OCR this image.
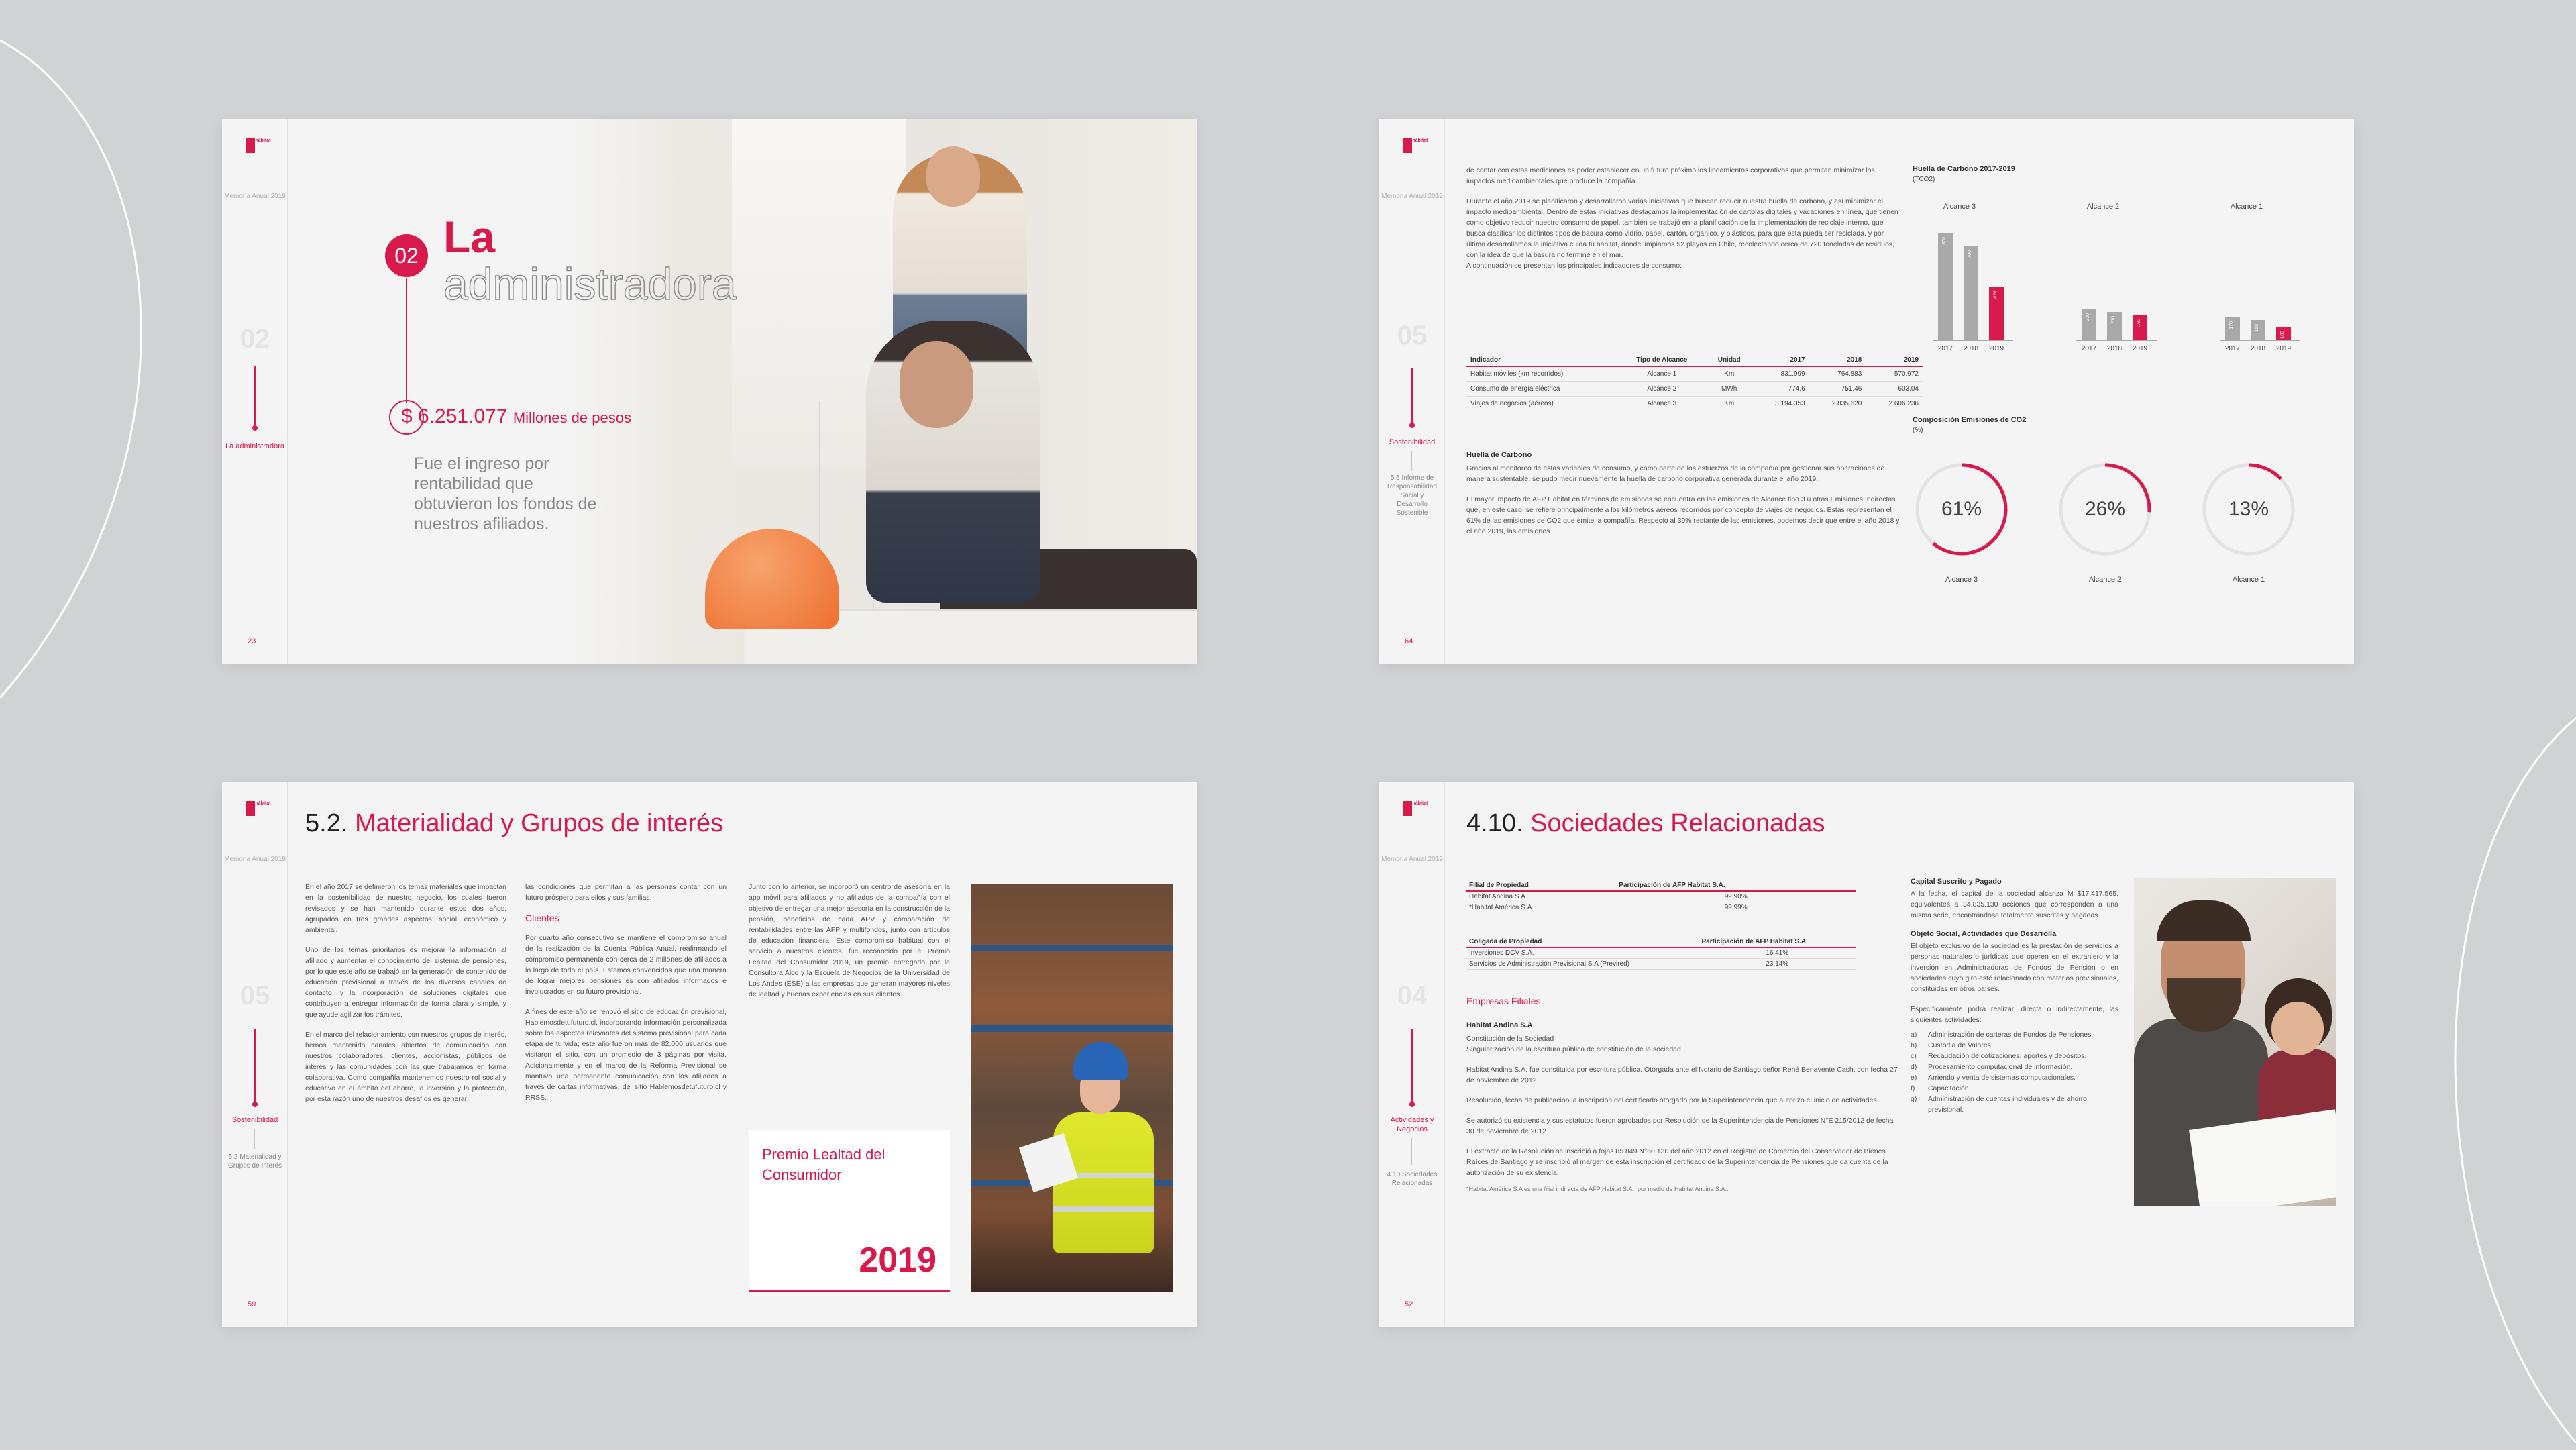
hábitat
Memoria Anual 2019
02
La administradora
23
02 La
administradora
$ 6.251.077 Millones de pesos
Fue el ingreso por rentabilidad que obtuvieron los fondos de nuestros afiliados.
hábitat
Memoria Anual 2019
05
Sostenibilidad
5.5 Informe de Responsabilidad Social y Desarrollo Sostenible
64

de contar con estas mediciones es poder establecer en un futuro próximo los lineamientos corporativos que permitan minimizar los impactos medioambientales que produce la compañía.

Durante el año 2019 se planificaron y desarrollaron varias iniciativas que buscan reducir nuestra huella de carbono, y así minimizar el impacto medioambiental. Dentro de estas iniciativas destacamos la implementación de cartolas digitales y vacaciones en línea, que tienen como objetivo reducir nuestro consumo de papel, también se trabajó en la planificación de la implementación de reciclaje interno, que busca clasificar los distintos tipos de basura como vidrio, papel, cartón, orgánico, y plásticos, para que ésta pueda ser reciclada, y por último desarrollamos la iniciativa cuida tu hábitat, donde limpiamos 52 playas en Chile, recolectando cerca de 720 toneladas de residuos, con la idea de que la basura no termine en el mar.

A continuación se presentan los principales indicadores de consumo:

Indicador	Tipo de Alcance	Unidad	2017	2018	2019
Habitat móviles (km recorridos)	Alcance 1	Km	831.999	764.883	570.972
Consumo de energía eléctrica	Alcance 2	MWh	774,6	751,46	603,04
Viajes de negocios (aéreos)	Alcance 3	Km	3.194.353	2.835.620	2.606.236
Huella de Carbono

Gracias al monitoreo de estas variables de consumo, y como parte de los esfuerzos de la compañía por gestionar sus operaciones de manera sustentable, se pudo medir nuevamente la huella de carbono corporativa generada durante el año 2019.

El mayor impacto de AFP Habitat en términos de emisiones se encuentra en las emisiones de Alcance tipo 3 u otras Emisiones Indirectas que, en este caso, se refiere principalmente a los kilómetros aéreos recorridos por concepto de viajes de negocios. Estas representan el 61% de las emisiones de CO2 que emite la compañía. Respecto al 39% restante de las emisiones, podemos decir que entre el año 2018 y el año 2019, las emisiones

Huella de Carbono 2017-2019
(TCO2)
Alcance 3
2017	2018	2019
800
700
424
Alcance 2
2017	2018	2019
230	210	190
Alcance 1
2017	2018	2019
170	150
100
Composición Emisiones de CO2
(%)
61%
Alcance 3
26%
Alcance 2
13%
Alcance 1
hábitat
Memoria Anual 2019
05
Sostenibilidad
5.2 Materialidad y Grupos de Interés
59
5.2. Materialidad y Grupos de interés

En el año 2017 se definieron los temas materiales que impactan en la sostenibilidad de nuestro negocio, los cuales fueron revisados y se han mantenido durante estos dos años, agrupados en tres grandes aspectos: social, económico y ambiental.

Uno de los temas prioritarios es mejorar la información al afiliado y aumentar el conocimiento del sistema de pensiones, por lo que este año se trabajó en la generación de contenido de educación previsional a través de los diversos canales de contacto, y la incorporación de soluciones digitales que contribuyen a entregar información de forma clara y simple, y que ayude agilizar los trámites.

En el marco del relacionamiento con nuestros grupos de interés, hemos mantenido canales abiertos de comunicación con nuestros colaboradores, clientes, accionistas, públicos de interés y las comunidades con las que trabajamos en forma colaborativa. Como compañía mantenemos nuestro rol social y educativo en el ámbito del ahorro, la inversión y la protección, por esta razón uno de nuestros desafíos es generar

las condiciones que permitan a las personas contar con un futuro próspero para ellos y sus familias.

Clientes

Por cuarto año consecutivo se mantiene el compromiso anual de la realización de la Cuenta Pública Anual, reafirmando el compromiso permanente con cerca de 2 millones de afiliados a lo largo de todo el país. Estamos convencidos que una manera de lograr mejores pensiones es con afiliados informados e involucrados en su futuro previsional.

A fines de este año se renovó el sitio de educación previsional, Hablemosdetufuturo.cl, incorporando información personalizada sobre los aspectos relevantes del sistema previsional para cada etapa de tu vida; este año fueron más de 82.000 usuarios que visitaron el sitio, con un promedio de 3 páginas por visita. Adicionalmente y en el marco de la Reforma Previsional se mantuvo una permanente comunicación con los afiliados a través de cartas informativas, del sitio Hablemosdetufuturo.cl y RRSS.

Junto con lo anterior, se incorporó un centro de asesoría en la app móvil para afiliados y no afiliados de la compañía con el objetivo de entregar una mejor asesoría en la construcción de la pensión, beneficios de cada APV y comparación de rentabilidades entre las AFP y multifondos, junto con artículos de educación financiera. Este compromiso habitual con el servicio a nuestros clientes, fue reconocido por el Premio Lealtad del Consumidor 2019, un premio entregado por la Consultora Alco y la Escuela de Negocios de la Universidad de Los Andes (ESE) a las empresas que generan mayores niveles de lealtad y buenas experiencias en sus clientes.

Premio Lealtad del Consumidor
2019
hábitat
Memoria Anual 2019
04
Actividades y Negocios
4.10 Sociedades Relacionadas
52
4.10. Sociedades Relacionadas
Filial de Propiedad	Participación de AFP Habitat S.A.
Habitat Andina S.A.	99,90%
*Habitat América S.A.	99,99%
Coligada de Propiedad	Participación de AFP Habitat S.A.
Inversiones DCV S.A.	16,41%
Servicios de Administración Previsional S.A (Previred)	23,14%
Empresas Filiales
Habitat Andina S.A
Constitución de la Sociedad

Singularización de la escritura pública de constitución de la sociedad.

Habitat Andina S.A. fue constituida por escritura pública. Otorgada ante el Notario de Santiago señor René Benavente Cash, con fecha 27 de noviembre de 2012.

Resolución, fecha de publicación la inscripción del certificado otorgado por la Superintendencia que autorizó el inicio de actividades.

Se autorizó su existencia y sus estatutos fueron aprobados por Resolución de la Superintendencia de Pensiones N°E 215/2012 de fecha 30 de noviembre de 2012.

El extracto de la Resolución se inscribió a fojas 85.849 N°60.130 del año 2012 en el Registro de Comercio del Conservador de Bienes Raíces de Santiago y se inscribió al margen de esta inscripción el certificado de la Superintendencia de Pensiones que da cuenta de la autorización de su existencia.

*Habitat América S.A es una filial indirecta de AFP Habitat S.A., por medio de Habitat Andina S.A..
Capital Suscrito y Pagado
A la fecha, el capital de la sociedad alcanza M $17.417.565, equivalentes a 34.835.130 acciones que corresponden a una misma serie, encontrándose totalmente suscritas y pagadas.
Objeto Social, Actividades que Desarrolla
El objeto exclusivo de la sociedad es la prestación de servicios a personas naturales o jurídicas que operen en el extranjero y la inversión en Administradoras de Fondos de Pensión o en sociedades cuyo giro esté relacionado con materias previsionales, constituidas en otros países.
Específicamente podrá realizar, directa o indirectamente, las siguientes actividades:
a)	Administración de carteras de Fondos de Pensiones.
b)	Custodia de Valores.
c)	Recaudación de cotizaciones, aportes y depósitos.
d)	Procesamiento computacional de información.
e)	Arriendo y venta de sistemas computacionales.
f)	Capacitación.
g)	Administración de cuentas individuales y de ahorro previsional.
